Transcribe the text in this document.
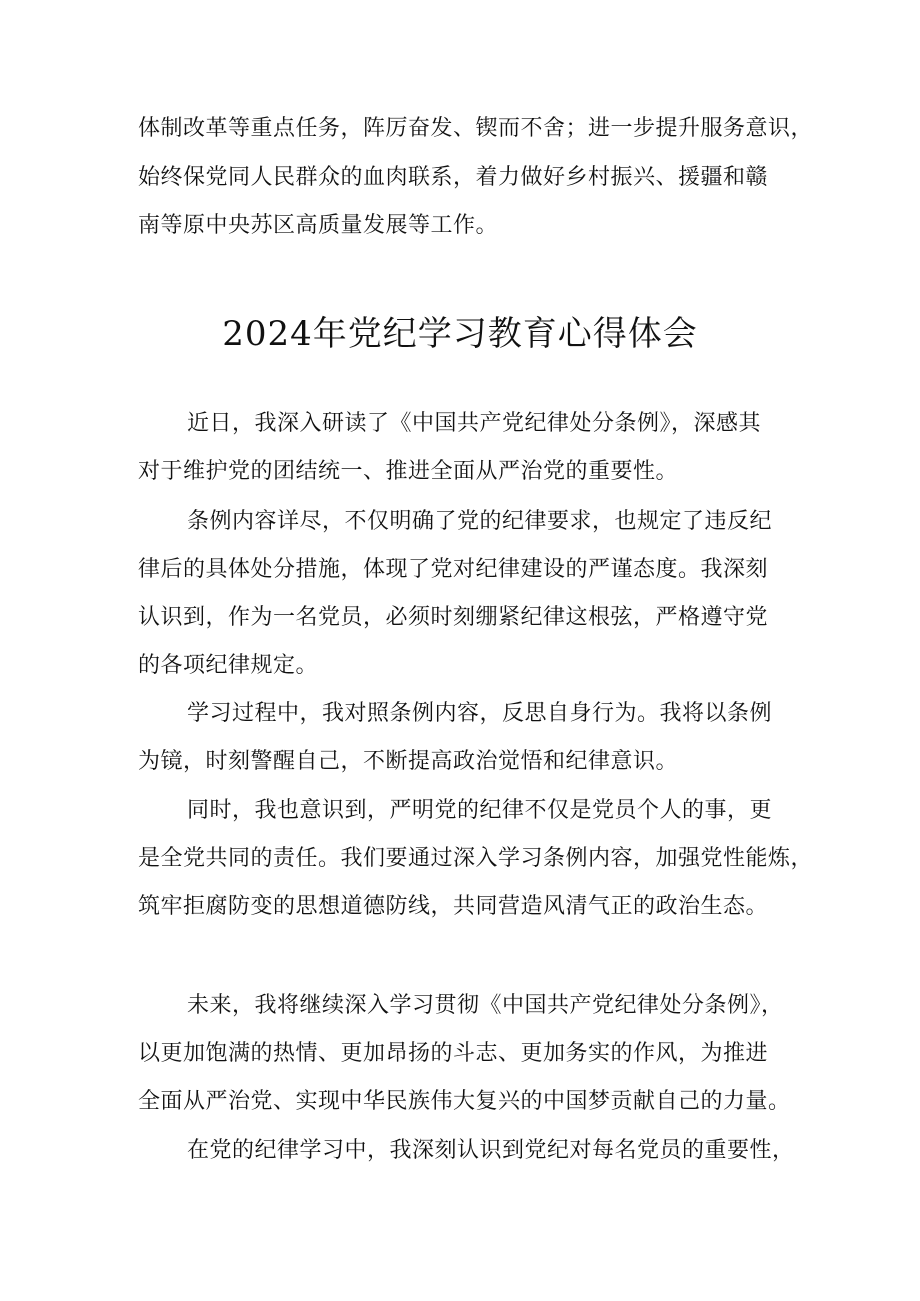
体制改革等重点任务，阵厉奋发、锲而不舍；进一步提升服务意识，
始终保党同人民群众的血肉联系，着力做好乡村振兴、援疆和赣
南等原中央苏区高质量发展等工作。
2024年党纪学习教育心得体会
近日，我深入研读了《中国共产党纪律处分条例》，深感其
对于维护党的团结统一、推进全面从严治党的重要性。
条例内容详尽，不仅明确了党的纪律要求，也规定了违反纪
律后的具体处分措施，体现了党对纪律建设的严谨态度。我深刻
认识到，作为一名党员，必须时刻绷紧纪律这根弦，严格遵守党
的各项纪律规定。
学习过程中，我对照条例内容，反思自身行为。我将以条例
为镜，时刻警醒自己，不断提高政治觉悟和纪律意识。
同时，我也意识到，严明党的纪律不仅是党员个人的事，更
是全党共同的责任。我们要通过深入学习条例内容，加强党性能炼，
筑牢拒腐防变的思想道德防线，共同营造风清气正的政治生态。
未来，我将继续深入学习贯彻《中国共产党纪律处分条例》，
以更加饱满的热情、更加昂扬的斗志、更加务实的作风，为推进
全面从严治党、实现中华民族伟大复兴的中国梦贡献自己的力量。
在党的纪律学习中，我深刻认识到党纪对每名党员的重要性，
